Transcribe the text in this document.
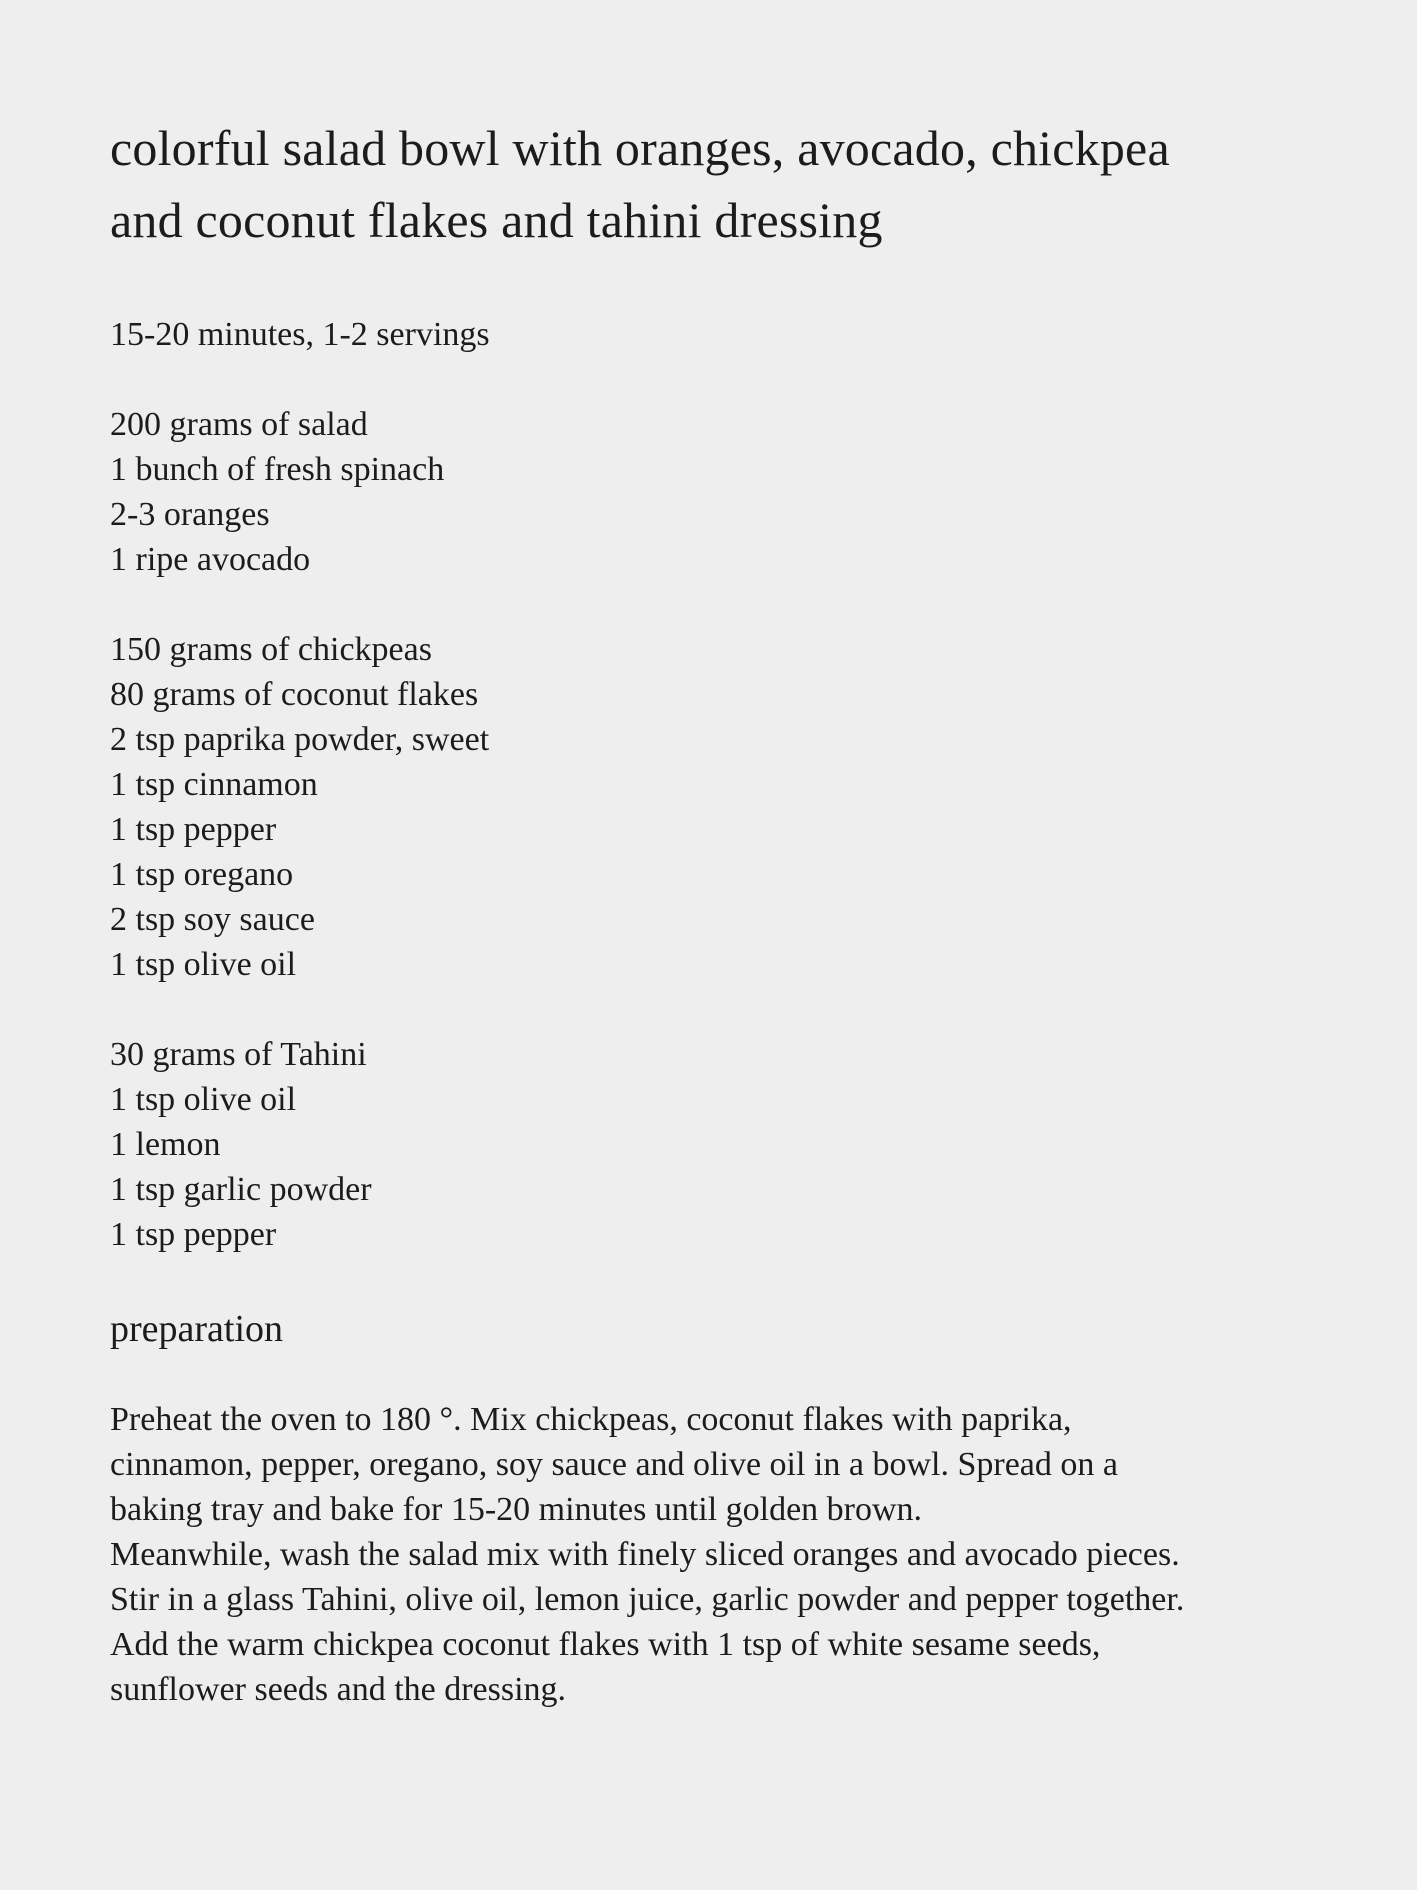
colorful salad bowl with oranges, avocado, chickpea
and coconut flakes and tahini dressing

15-20 minutes, 1-2 servings

200 grams of salad
1 bunch of fresh spinach
2-3 oranges
1 ripe avocado
150 grams of chickpeas
80 grams of coconut flakes
2 tsp paprika powder, sweet
1 tsp cinnamon
1 tsp pepper
1 tsp oregano
2 tsp soy sauce
1 tsp olive oil
30 grams of Tahini
1 tsp olive oil
1 lemon
1 tsp garlic powder
1 tsp pepper
preparation

Preheat the oven to 180 °. Mix chickpeas, coconut flakes with paprika,
cinnamon, pepper, oregano, soy sauce and olive oil in a bowl. Spread on a
baking tray and bake for 15-20 minutes until golden brown.
Meanwhile, wash the salad mix with finely sliced oranges and avocado pieces.
Stir in a glass Tahini, olive oil, lemon juice, garlic powder and pepper together.
Add the warm chickpea coconut flakes with 1 tsp of white sesame seeds,
sunflower seeds and the dressing.
